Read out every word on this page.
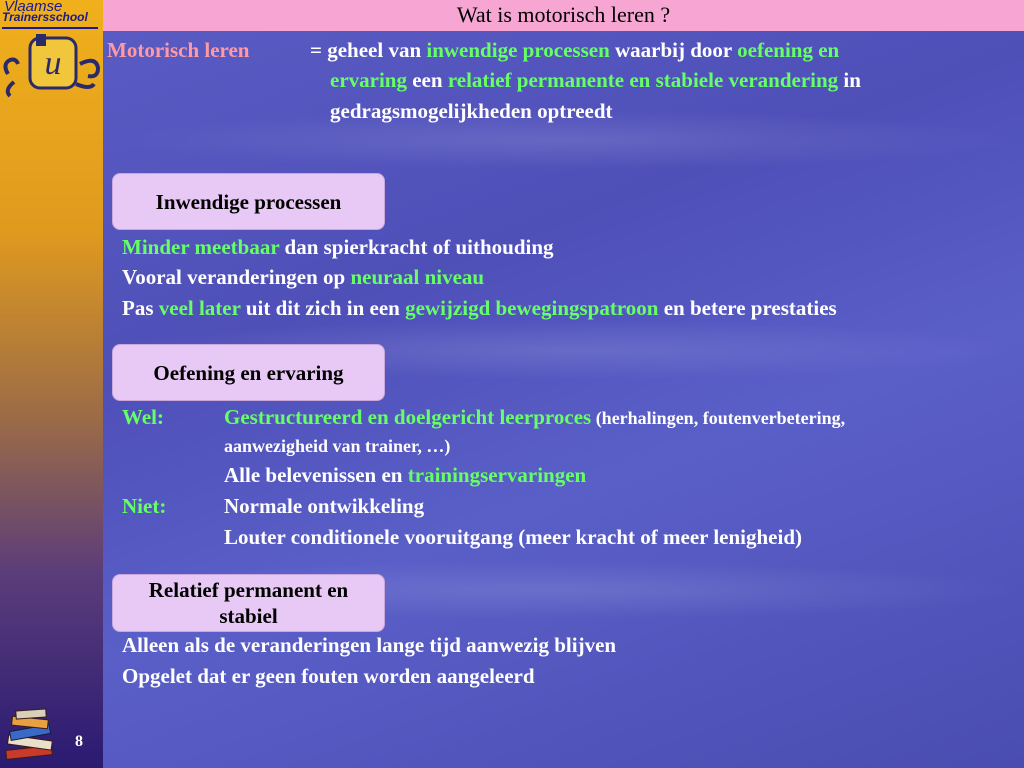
Vlaamse
Trainersschool
u
8
Wat is motorisch leren ?
Motorisch leren	= geheel van inwendige processen waarbij door oefening en
ervaring een relatief permanente en stabiele verandering in
gedragsmogelijkheden optreedt
Inwendige processen
Minder meetbaar dan spierkracht of uithouding
Vooral veranderingen op neuraal niveau
Pas veel later uit dit zich in een gewijzigd bewegingspatroon en betere prestaties
Oefening en ervaring
Wel:	Gestructureerd en doelgericht leerproces (herhalingen, foutenverbetering,
aanwezigheid van trainer, …)
Alle belevenissen en trainingservaringen
Niet:	Normale ontwikkeling
Louter conditionele vooruitgang (meer kracht of meer lenigheid)
Relatief permanent en
stabiel
Alleen als de veranderingen lange tijd aanwezig blijven
Opgelet dat er geen fouten worden aangeleerd
